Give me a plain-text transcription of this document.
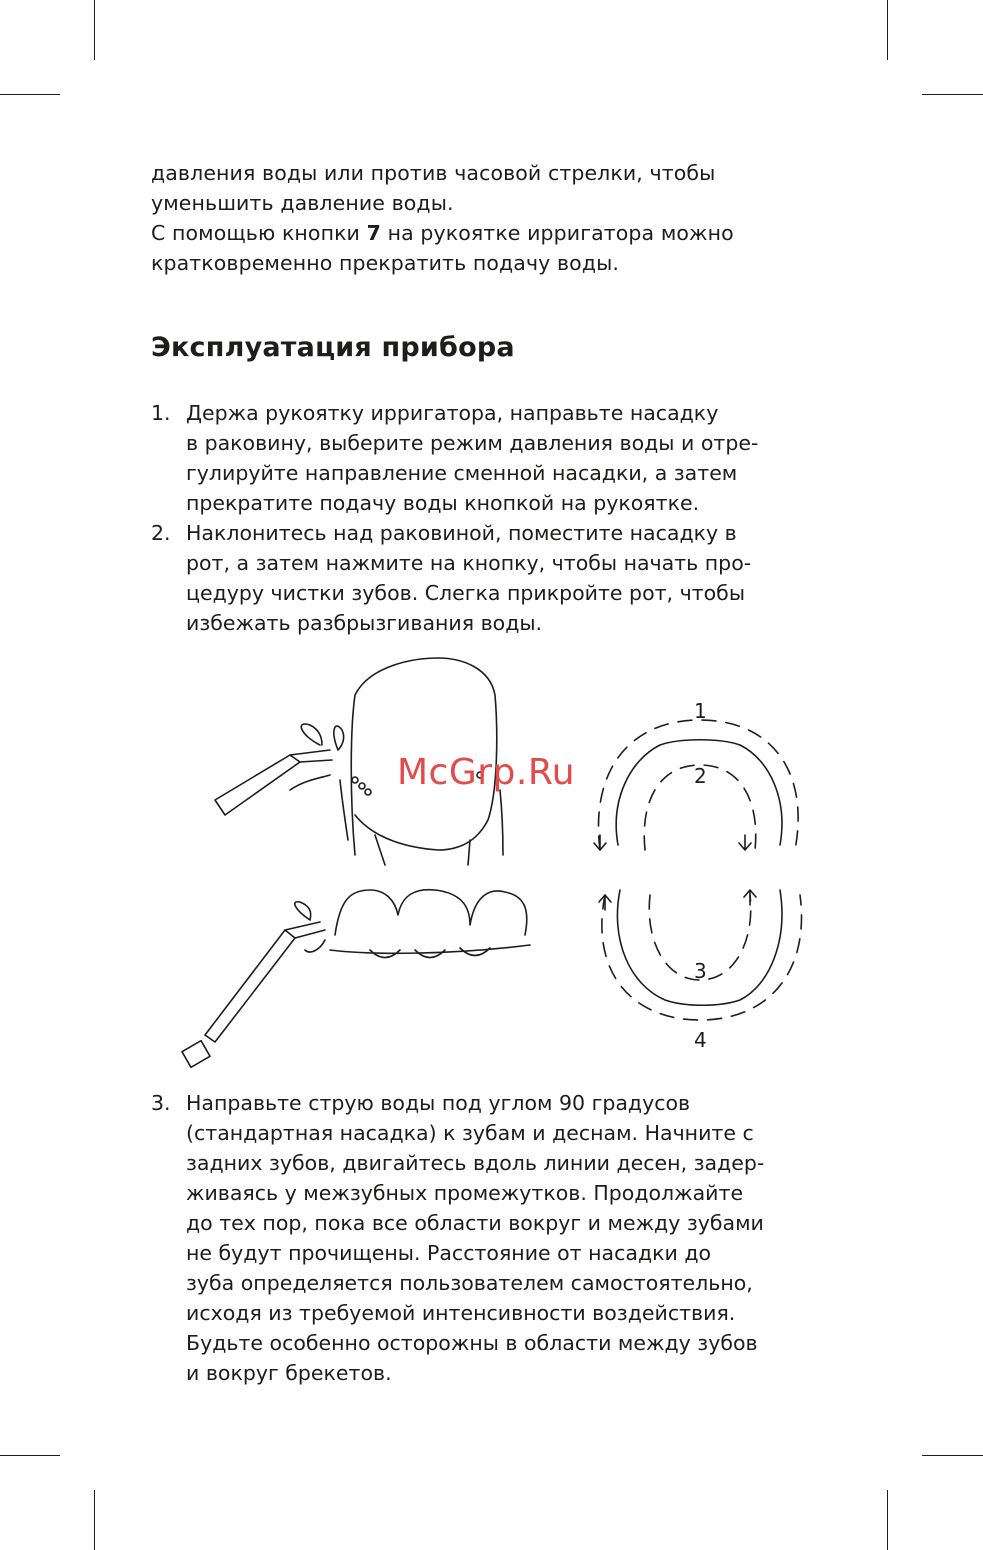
давления воды или против часовой стрелки, чтобы
уменьшить давление воды.
С помощью кнопки 7 на рукоятке ирригатора можно
кратковременно прекратить подачу воды.
Эксплуатация прибора
1. Держа рукоятку ирригатора, направьте насадку
в раковину, выберите режим давления воды и отре-
гулируйте направление сменной насадки, а затем
прекратите подачу воды кнопкой на рукоятке.
2. Наклонитесь над раковиной, поместите насадку в
рот, а затем нажмите на кнопку, чтобы начать про-
цедуру чистки зубов. Слегка прикройте рот, чтобы
избежать разбрызгивания воды.
1
2
3
4
McGrp.Ru
3. Направьте струю воды под углом 90 градусов
(стандартная насадка) к зубам и деснам. Начните с
задних зубов, двигайтесь вдоль линии десен, задер-
живаясь у межзубных промежутков. Продолжайте
до тех пор, пока все области вокруг и между зубами
не будут прочищены. Расстояние от насадки до
зуба определяется пользователем самостоятельно,
исходя из требуемой интенсивности воздействия.
Будьте особенно осторожны в области между зубов
и вокруг брекетов.
